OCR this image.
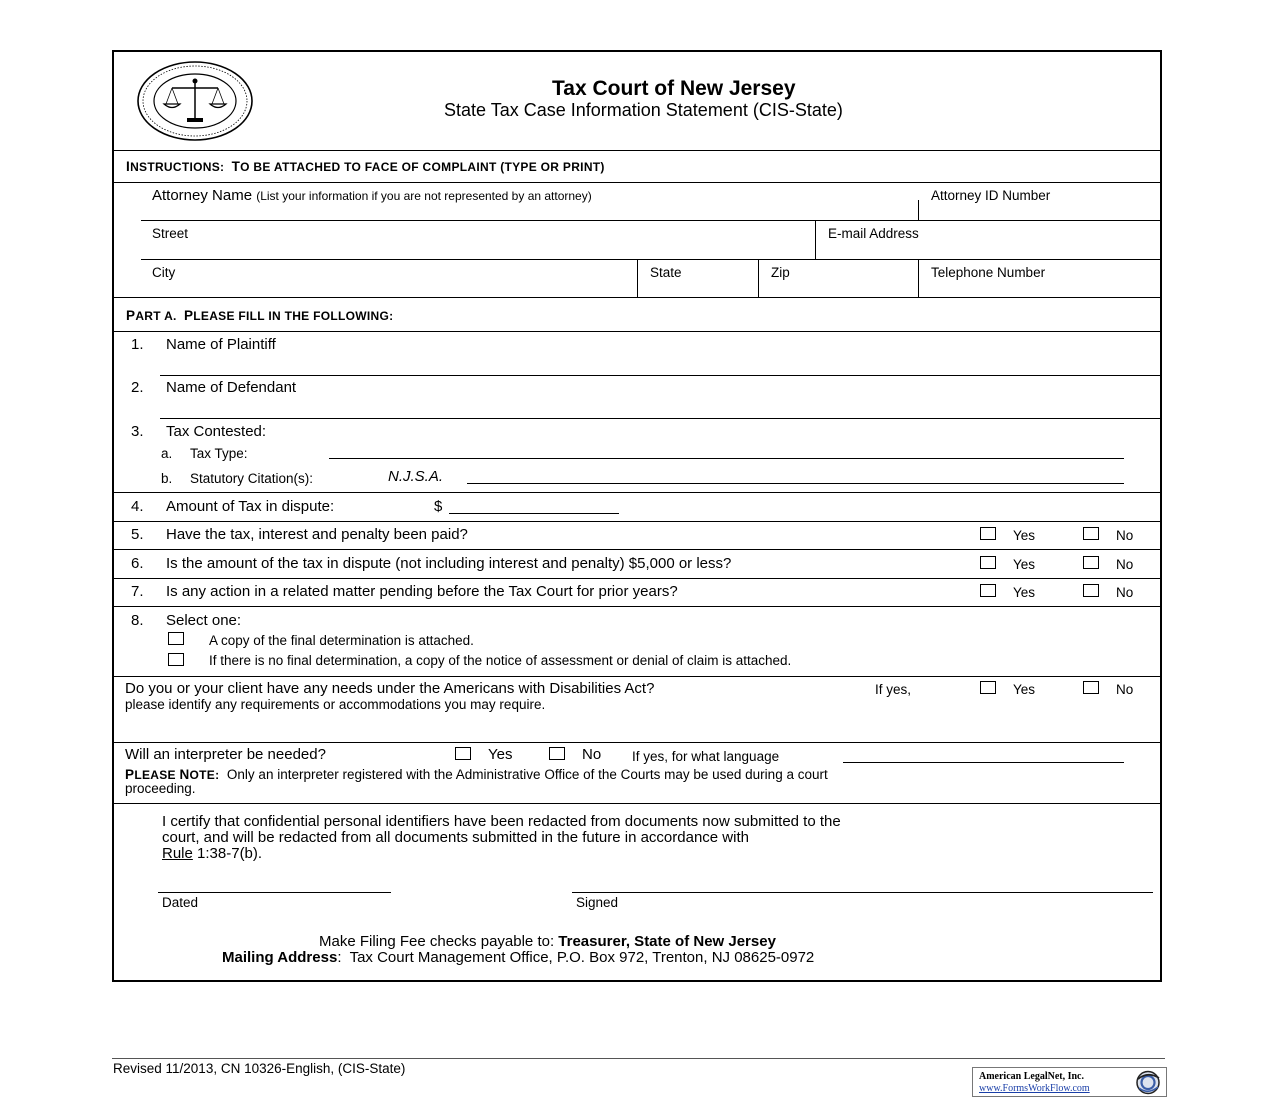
Tax Court of New Jersey
State Tax Case Information Statement (CIS-State)
INSTRUCTIONS: TO BE ATTACHED TO FACE OF COMPLAINT (TYPE OR PRINT)
Attorney Name (List your information if you are not represented by an attorney)	Attorney ID Number
Street	E-mail Address
City	State	Zip	Telephone Number
PART A. PLEASE FILL IN THE FOLLOWING:
1. Name of Plaintiff
2. Name of Defendant
3. Tax Contested:
a. Tax Type:
b. Statutory Citation(s):	N.J.S.A.
4. Amount of Tax in dispute:	$
5. Have the tax, interest and penalty been paid?	Yes	No
6. Is the amount of the tax in dispute (not including interest and penalty) $5,000 or less?	Yes	No
7. Is any action in a related matter pending before the Tax Court for prior years?	Yes	No
8. Select one:
A copy of the final determination is attached.
If there is no final determination, a copy of the notice of assessment or denial of claim is attached.
Do you or your client have any needs under the Americans with Disabilities Act?	If yes,	Yes	No
please identify any requirements or accommodations you may require.
Will an interpreter be needed?	Yes	No If yes, for what language
PLEASE NOTE: Only an interpreter registered with the Administrative Office of the Courts may be used during a court
proceeding.
I certify that confidential personal identifiers have been redacted from documents now submitted to the
court, and will be redacted from all documents submitted in the future in accordance with
Rule 1:38-7(b).
Dated	Signed
Make Filing Fee checks payable to: Treasurer, State of New Jersey
Mailing Address: Tax Court Management Office, P.O. Box 972, Trenton, NJ 08625-0972
Revised 11/2013, CN 10326-English, (CIS-State)
American LegalNet, Inc.
www.FormsWorkFlow.com
